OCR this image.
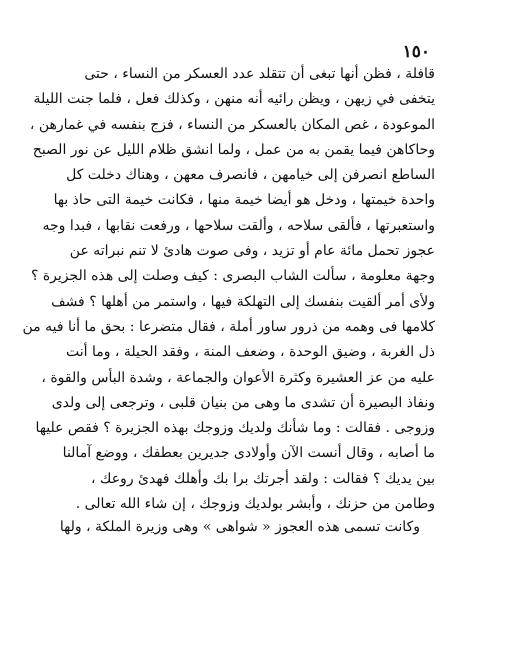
١٥٠
قافلة ، فظن أنها تبغى أن تتقلد عدد العسكر من النساء ، حتى
يتخفى في زيهن ، ويظن رائيه أنه منهن ، وكذلك فعل ، فلما جنت الليلة
الموعودة ، غص المكان بالعسكر من النساء ، فزج بنفسه في غمارهن ،
وحاكاهن فيما يقمن به من عمل ، ولما انشق ظلام الليل عن نور الصبح
الساطع انصرفن إلى خيامهن ، فانصرف معهن ، وهناك دخلت كل
واحدة خيمتها ، ودخل هو أيضا خيمة منها ، فكانت خيمة التى حاذ بها
واستعبرتها ، فألقى سلاحه ، وألقت سلاحها ، ورفعت نقابها ، فبدا وجه
عجوز تحمل مائة عام أو تزيد ، وفى صوت هادئ لا تنم نبراته عن
وجهة معلومة ، سألت الشاب البصرى : كيف وصلت إلى هذه الجزيرة ؟
ولأى أمر ألقيت بنفسك إلى التهلكة فيها ، واستمر من أهلها ؟ فشف
كلامها فى وهمه من ذرور ساور أملة ، فقال متضرعا : بحق ما أنا فيه من
ذل الغربة ، وضيق الوحدة ، وضعف المنة ، وفقد الحيلة ، وما أنت
عليه من عز العشيرة وكثرة الأعوان والجماعة ، وشدة البأس والقوة ،
ونفاذ البصيرة أن تشدى ما وهى من بنيان قلبى ، وترجعى إلى ولدى
وزوجى . فقالت : وما شأنك ولديك وزوجك بهذه الجزيرة ؟ فقص عليها
ما أصابه ، وقال أنست الآن وأولادى جديرين بعطفك ، ووضع آمالنا
بين يديك ؟ فقالت : ولقد أجرتك برا بك وأهلك فهدئ روعك ،
وطامن من حزنك ، وأبشر بولديك وزوجك ، إن شاء الله تعالى .
وكانت تسمى هذه العجوز « شواهى » وهى وزيرة الملكة ، ولها
